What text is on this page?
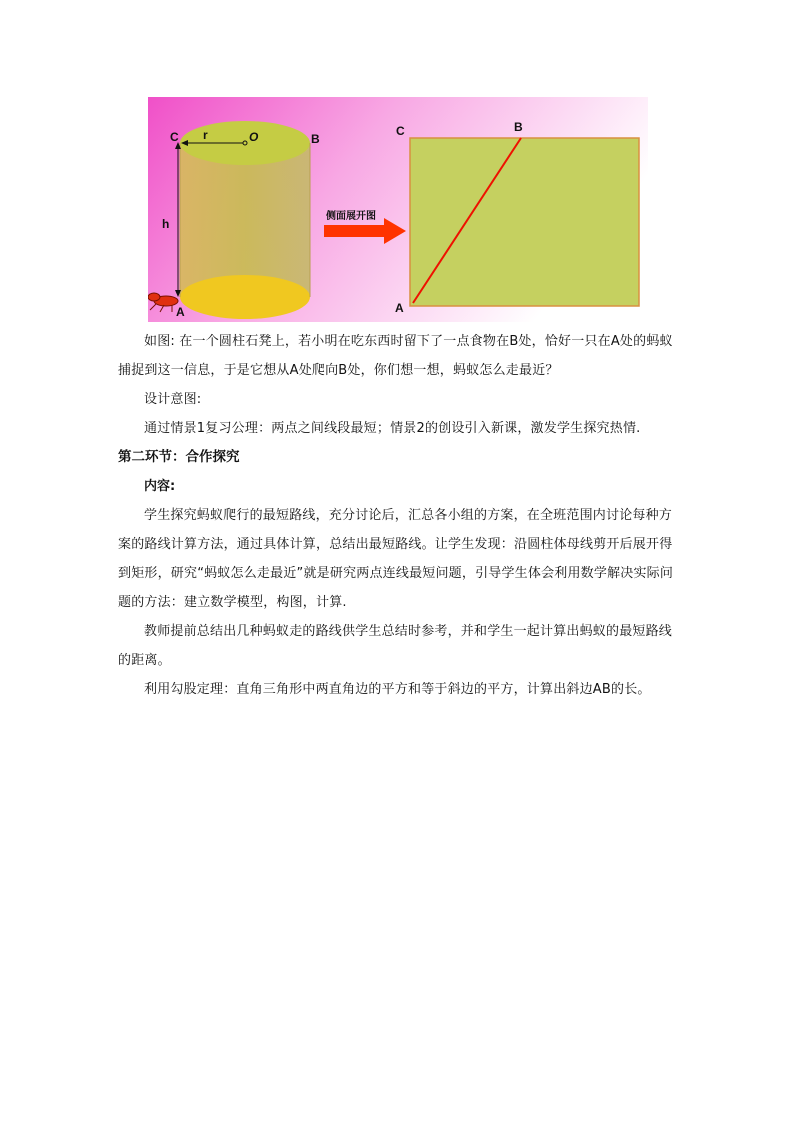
C r	O	B
h
A
侧面展开图
C	B
A

如图: 在一个圆柱石凳上，若小明在吃东西时留下了一点食物在B处，恰好一只在A处的蚂蚁捕捉到这一信息，于是它想从A处爬向B处，你们想一想，蚂蚁怎么走最近？

设计意图:

通过情景1复习公理：两点之间线段最短；情景2的创设引入新课，激发学生探究热情.

第二环节：合作探究

内容:

学生探究蚂蚁爬行的最短路线，充分讨论后，汇总各小组的方案，在全班范围内讨论每种方案的路线计算方法，通过具体计算，总结出最短路线。让学生发现：沿圆柱体母线剪开后展开得到矩形，研究“蚂蚁怎么走最近”就是研究两点连线最短问题，引导学生体会利用数学解决实际问题的方法：建立数学模型，构图，计算.

教师提前总结出几种蚂蚁走的路线供学生总结时参考，并和学生一起计算出蚂蚁的最短路线的距离。

利用勾股定理：直角三角形中两直角边的平方和等于斜边的平方，计算出斜边AB的长。
